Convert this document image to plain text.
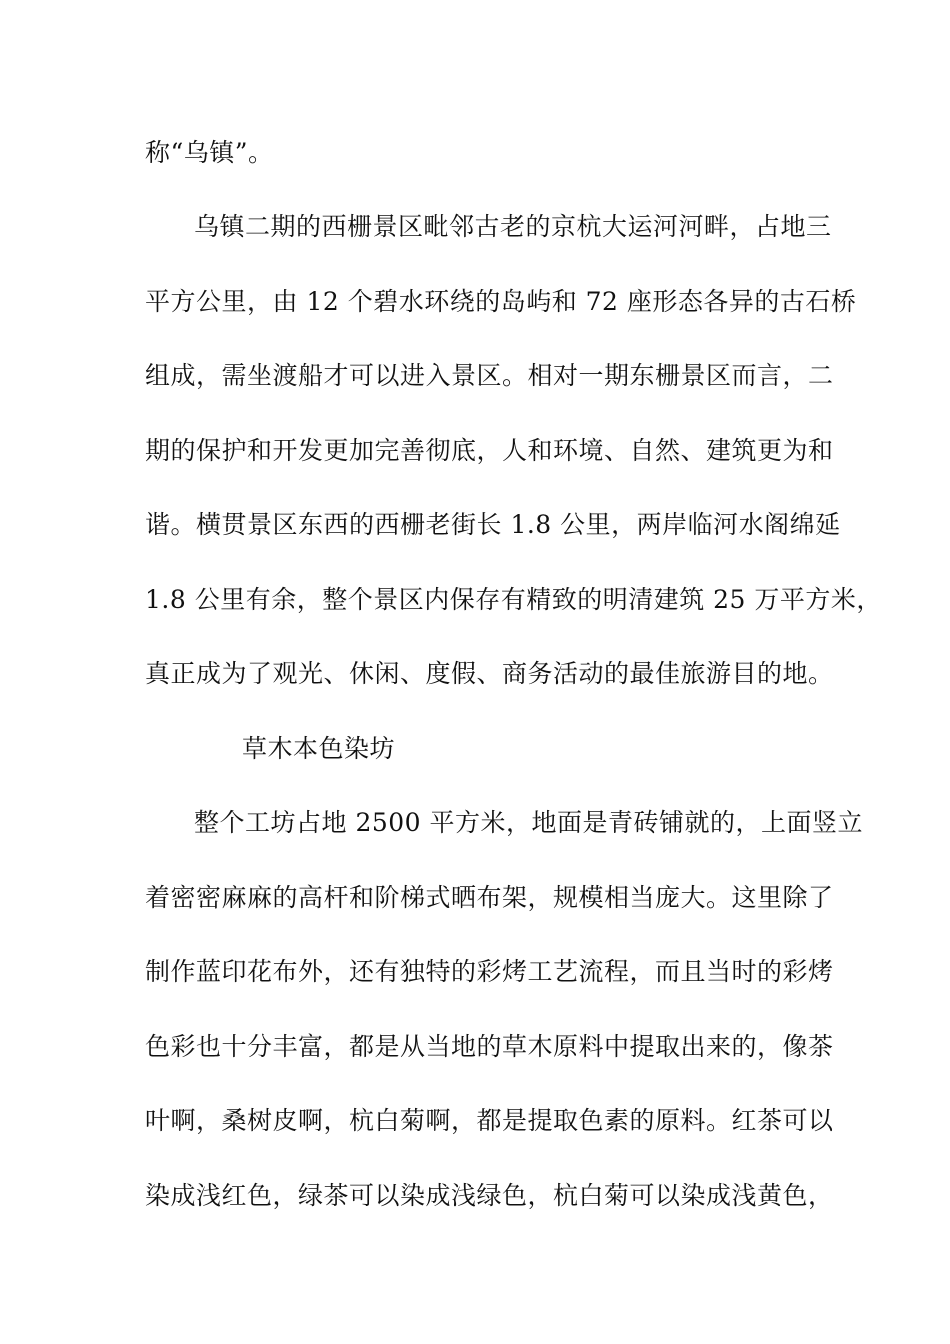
称“乌镇”。

乌镇二期的西栅景区毗邻古老的京杭大运河河畔，占地三

平方公里，由 12 个碧水环绕的岛屿和 72 座形态各异的古石桥

组成，需坐渡船才可以进入景区。相对一期东栅景区而言，二

期的保护和开发更加完善彻底，人和环境、自然、建筑更为和

谐。横贯景区东西的西栅老街长 1.8 公里，两岸临河水阁绵延

1.8 公里有余，整个景区内保存有精致的明清建筑 25 万平方米，

真正成为了观光、休闲、度假、商务活动的最佳旅游目的地。

草木本色染坊

整个工坊占地 2500 平方米，地面是青砖铺就的，上面竖立

着密密麻麻的高杆和阶梯式晒布架，规模相当庞大。这里除了

制作蓝印花布外，还有独特的彩烤工艺流程，而且当时的彩烤

色彩也十分丰富，都是从当地的草木原料中提取出来的，像茶

叶啊，桑树皮啊，杭白菊啊，都是提取色素的原料。红茶可以

染成浅红色，绿茶可以染成浅绿色，杭白菊可以染成浅黄色，
